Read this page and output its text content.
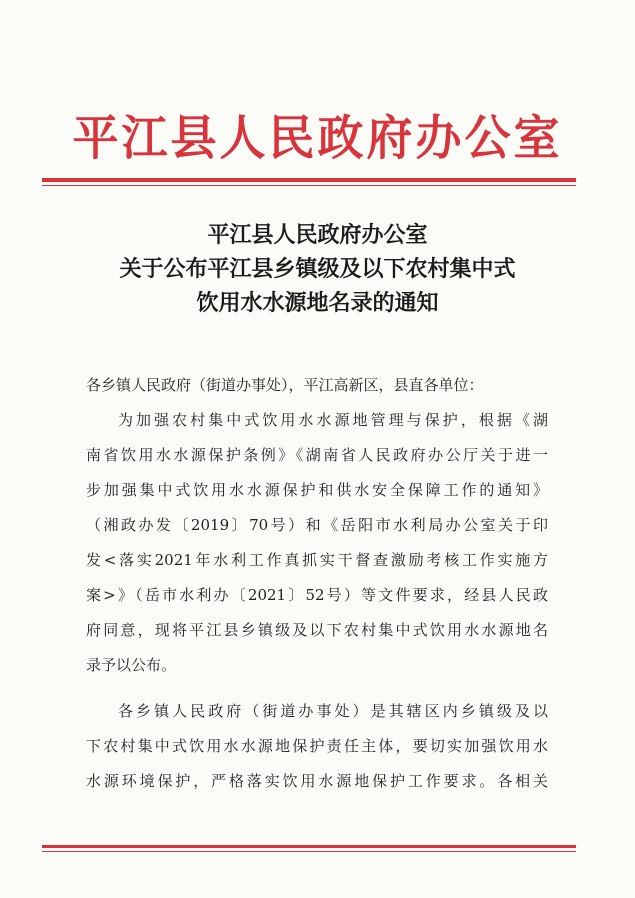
平江县人民政府办公室
平江县人民政府办公室
关于公布平江县乡镇级及以下农村集中式
饮用水水源地名录的通知
各乡镇人民政府（街道办事处），平江高新区，县直各单位：
为加强农村集中式饮用水水源地管理与保护，根据《湖
南省饮用水水源保护条例》《湖南省人民政府办公厅关于进一
步加强集中式饮用水水源保护和供水安全保障工作的通知》
（湘政办发〔2019〕70号）和《岳阳市水利局办公室关于印
发<落实2021年水利工作真抓实干督查激励考核工作实施方
案>》（岳市水利办〔2021〕52号）等文件要求，经县人民政
府同意，现将平江县乡镇级及以下农村集中式饮用水水源地名
录予以公布。
各乡镇人民政府（街道办事处）是其辖区内乡镇级及以
下农村集中式饮用水水源地保护责任主体，要切实加强饮用水
水源环境保护，严格落实饮用水源地保护工作要求。各相关
